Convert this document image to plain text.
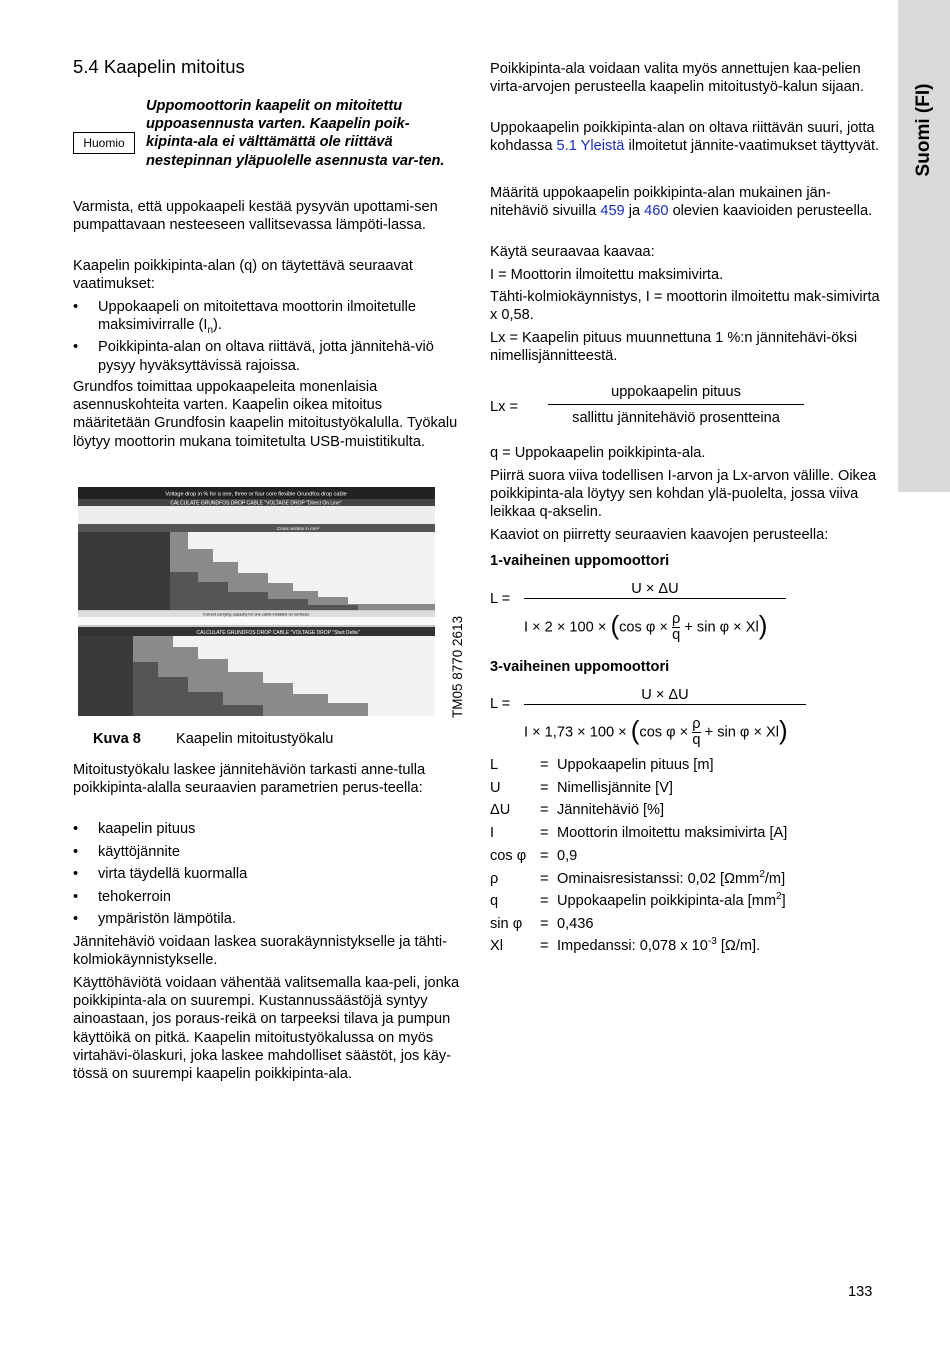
Suomi (FI)
5.4 Kaapelin mitoitus
Huomio

Uppomoottorin kaapelit on mitoitettu uppoasennusta varten. Kaapelin poik-kipinta-ala ei välttämättä ole riittävä nestepinnan yläpuolelle asennusta var-ten.

Varmista, että uppokaapeli kestää pysyvän upottami-sen pumpattavaan nesteeseen vallitsevassa lämpöti-lassa.

Kaapelin poikkipinta-alan (q) on täytettävä seuraavat vaatimukset:

• Uppokaapeli on mitoitettava moottorin ilmoitetulle maksimivirralle $(I_n)$.

• Poikkipinta-alan on oltava riittävä, jotta jännitehä-viö pysyy hyväksyttävissä rajoissa.

Grundfos toimittaa uppokaapeleita monenlaisia asennuskohteita varten. Kaapelin oikea mitoitus määritetään Grundfosin kaapelin mitoitustyökalulla. Työkalu löytyy moottorin mukana toimitetulta USB-muistitikulta.

Voltage drop in % for a one, three or four core flexible Grundfos drop cable
CALCULATE GRUNDFOS DROP CABLE "VOLTAGE DROP "Direct On Line"
Cross section in mm²
Current carrying capacity for one cable installed on surfaces
CALCULATE GRUNDFOS DROP CABLE "VOLTAGE DROP "Start Delta"	TM05 8770 2613
Kuva 8 Kaapelin mitoitustyökalu

Mitoitustyökalu laskee jännitehäviön tarkasti anne-tulla poikkipinta-alalla seuraavien parametrien perus-teella:

• kaapelin pituus

• käyttöjännite

• virta täydellä kuormalla

• tehokerroin

• ympäristön lämpötila.

Jännitehäviö voidaan laskea suorakäynnistykselle ja tähti-kolmiokäynnistykselle.

Käyttöhäviötä voidaan vähentää valitsemalla kaa-peli, jonka poikkipinta-ala on suurempi. Kustannussäästöjä syntyy ainoastaan, jos poraus-reikä on tarpeeksi tilava ja pumpun käyttöikä on pitkä. Kaapelin mitoitustyökalussa on myös virtahävi-ölaskuri, joka laskee mahdolliset säästöt, jos käy-tössä on suurempi kaapelin poikkipinta-ala.

Poikkipinta-ala voidaan valita myös annettujen kaa-pelien virta-arvojen perusteella kaapelin mitoitustyö-kalun sijaan.

Uppokaapelin poikkipinta-alan on oltava riittävän suuri, jotta kohdassa 5.1 Yleistä ilmoitetut jännite-vaatimukset täyttyvät.

Määritä uppokaapelin poikkipinta-alan mukainen jän-nitehäviö sivuilla 459 ja 460 olevien kaavioiden perusteella.

Käytä seuraavaa kaavaa:

I = Moottorin ilmoitettu maksimivirta.

Tähti-kolmiokäynnistys, I = moottorin ilmoitettu mak-simivirta x 0,58.

Lx = Kaapelin pituus muunnettuna 1 %:n jännitehävi-öksi nimellisjännitteestä.

Lx =
uppokaapelin pituus
sallittu jännitehäviö prosentteina

q = Uppokaapelin poikkipinta-ala.

Piirrä suora viiva todellisen I-arvon ja Lx-arvon välille. Oikea poikkipinta-ala löytyy sen kohdan ylä-puolelta, jossa viiva leikkaa q-akselin.

Kaaviot on piirretty seuraavien kaavojen perusteella:

1-vaiheinen uppomoottori
L =
U × ΔU
I × 2 × 100 × (cos $\varphi \times \frac{\rho}{q} + \sin \varphi \times Xl$)
3-vaiheinen uppomoottori
L =
U × ΔU
I × 1,73 × 100 × (cos $\varphi \times \frac{\rho}{q} + \sin \varphi \times Xl$)
L	= Uppokaapelin pituus [m]
U	= Nimellisjännite [V]
ΔU = Jännitehäviö [%]
I	= Moottorin ilmoitettu maksimivirta [A]
cos φ = 0,9
ρ	= Ominaisresistanssi: 0,02 [Ωmm$^2$/m]
q	= Uppokaapelin poikkipinta-ala $[mm^2]$
sin φ = 0,436
Xl	= Impedanssi: 0,078 x $10^{-3}$ [Ω/m].
133
